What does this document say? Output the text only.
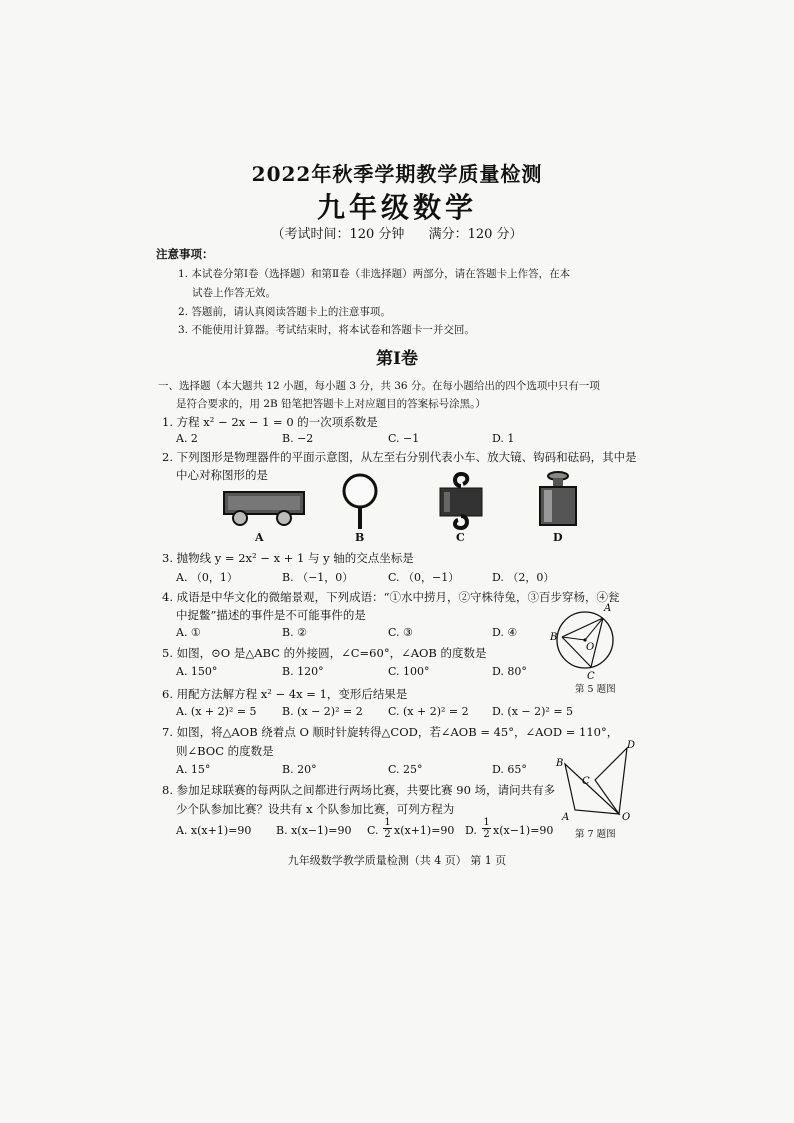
2022年秋季学期教学质量检测
九年级数学
（考试时间：120 分钟 满分：120 分）
注意事项：
1. 本试卷分第Ⅰ卷（选择题）和第Ⅱ卷（非选择题）两部分，请在答题卡上作答，在本
试卷上作答无效。
2. 答题前，请认真阅读答题卡上的注意事项。
3. 不能使用计算器。考试结束时，将本试卷和答题卡一并交回。
第Ⅰ卷
一、选择题（本大题共 12 小题，每小题 3 分，共 36 分。在每小题给出的四个选项中只有一项
是符合要求的，用 2B 铅笔把答题卡上对应题目的答案标号涂黑。）
1. 方程 x² − 2x − 1 = 0 的一次项系数是
A. 2	B. −2	C. −1	D. 1
2. 下列图形是物理器件的平面示意图，从左至右分别代表小车、放大镜、钩码和砝码，其中是
中心对称图形的是
A	B	C	D
3. 抛物线 y = 2x² − x + 1 与 y 轴的交点坐标是
A. （0，1）	B. （−1，0）	C. （0，−1）	D. （2，0）
4. 成语是中华文化的微缩景观，下列成语：“①水中捞月，②守株待兔，③百步穿杨，④瓮
中捉鳖”描述的事件是不可能事件的是
A. ①	B. ②	C. ③	D. ④
A
B
C
O
第 5 题图
5. 如图，⊙O 是△ABC 的外接圆，∠C=60°，∠AOB 的度数是
A. 150°	B. 120°	C. 100°	D. 80°
6. 用配方法解方程 x² − 4x = 1，变形后结果是
A. (x + 2)² = 5 B. (x − 2)² = 2 C. (x + 2)² = 2 D. (x − 2)² = 5
7. 如图，将△AOB 绕着点 O 顺时针旋转得△COD，若∠AOB = 45°，∠AOD = 110°，
则∠BOC 的度数是
A. 15°	B. 20°	C. 25°	D. 65°	B
A
C
D
O
第 7 题图
8. 参加足球联赛的每两队之间都进行两场比赛，共要比赛 90 场，请问共有多
少个队参加比赛？设共有 x 个队参加比赛，可列方程为
A. x(x+1)=90 B. x(x−1)=90 C. $\frac{1}{2} x(x+1)=90$ D. $\frac{1}{2} x(x-1)=90$
九年级数学教学质量检测（共 4 页） 第 1 页
